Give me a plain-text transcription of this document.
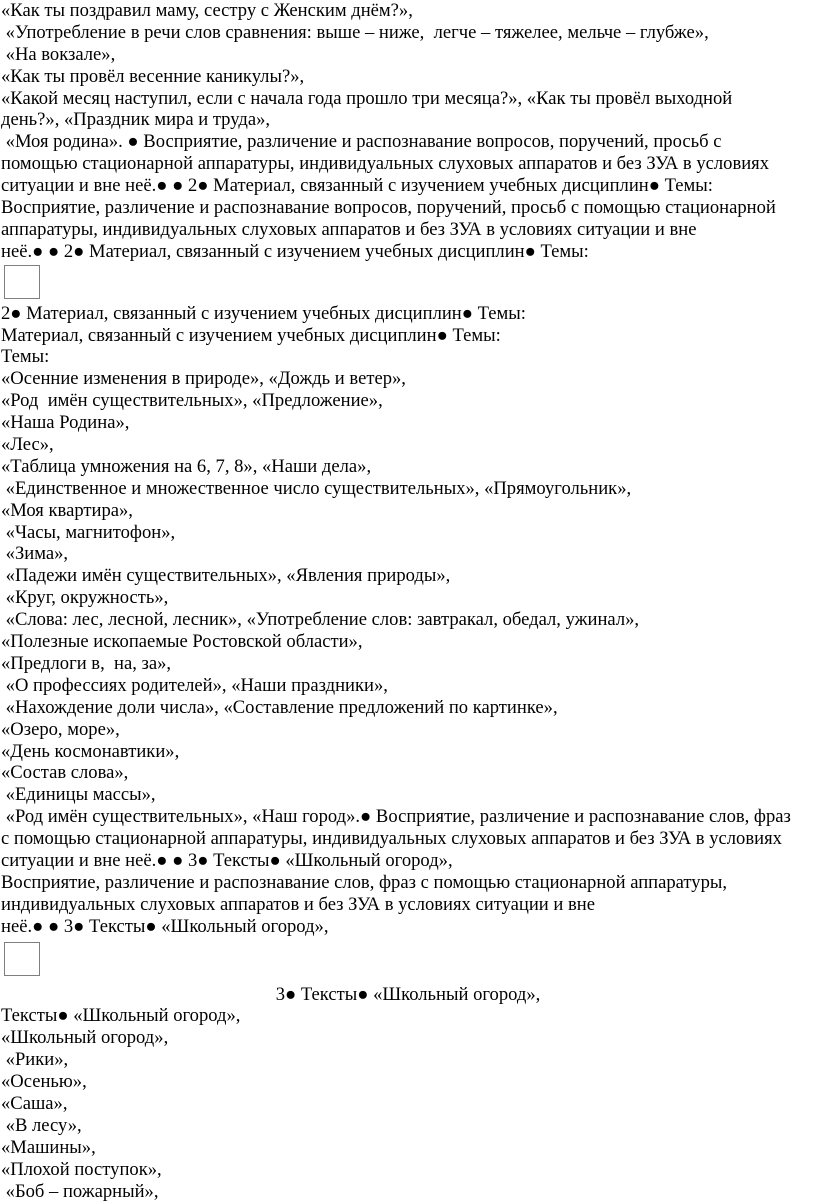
«Как ты поздравил маму, сестру с Женским днём?»,
«Употребление в речи слов сравнения: выше – ниже,  легче – тяжелее, мельче – глубже»,
«На вокзале»,
«Как ты провёл весенние каникулы?»,
«Какой месяц наступил, если с начала года прошло три месяца?», «Как ты провёл выходной
день?», «Праздник мира и труда»,
«Моя родина». ● Восприятие, различение и распознавание вопросов, поручений, просьб с
помощью стационарной аппаратуры, индивидуальных слуховых аппаратов и без ЗУА в условиях
ситуации и вне неё.● ● 2● Материал, связанный с изучением учебных дисциплин● Темы:
Восприятие, различение и распознавание вопросов, поручений, просьб с помощью стационарной
аппаратуры, индивидуальных слуховых аппаратов и без ЗУА в условиях ситуации и вне
неё.● ● 2● Материал, связанный с изучением учебных дисциплин● Темы:
2● Материал, связанный с изучением учебных дисциплин● Темы:
Материал, связанный с изучением учебных дисциплин● Темы:
Темы:
«Осенние изменения в природе», «Дождь и ветер»,
«Род  имён существительных», «Предложение»,
«Наша Родина»,
«Лес»,
«Таблица умножения на 6, 7, 8», «Наши дела»,
«Единственное и множественное число существительных», «Прямоугольник»,
«Моя квартира»,
«Часы, магнитофон»,
«Зима»,
«Падежи имён существительных», «Явления природы»,
«Круг, окружность»,
«Слова: лес, лесной, лесник», «Употребление слов: завтракал, обедал, ужинал»,
«Полезные ископаемые Ростовской области»,
«Предлоги в,  на, за»,
«О профессиях родителей», «Наши праздники»,
«Нахождение доли числа», «Составление предложений по картинке»,
«Озеро, море»,
«День космонавтики»,
«Состав слова»,
«Единицы массы»,
«Род имён существительных», «Наш город».● Восприятие, различение и распознавание слов, фраз
с помощью стационарной аппаратуры, индивидуальных слуховых аппаратов и без ЗУА в условиях
ситуации и вне неё.● ● 3● Тексты● «Школьный огород»,
Восприятие, различение и распознавание слов, фраз с помощью стационарной аппаратуры,
индивидуальных слуховых аппаратов и без ЗУА в условиях ситуации и вне
неё.● ● 3● Тексты● «Школьный огород»,
3● Тексты● «Школьный огород»,
Тексты● «Школьный огород»,
«Школьный огород»,
«Рики»,
«Осенью»,
«Саша»,
«В лесу»,
«Машины»,
«Плохой поступок»,
«Боб – пожарный»,
